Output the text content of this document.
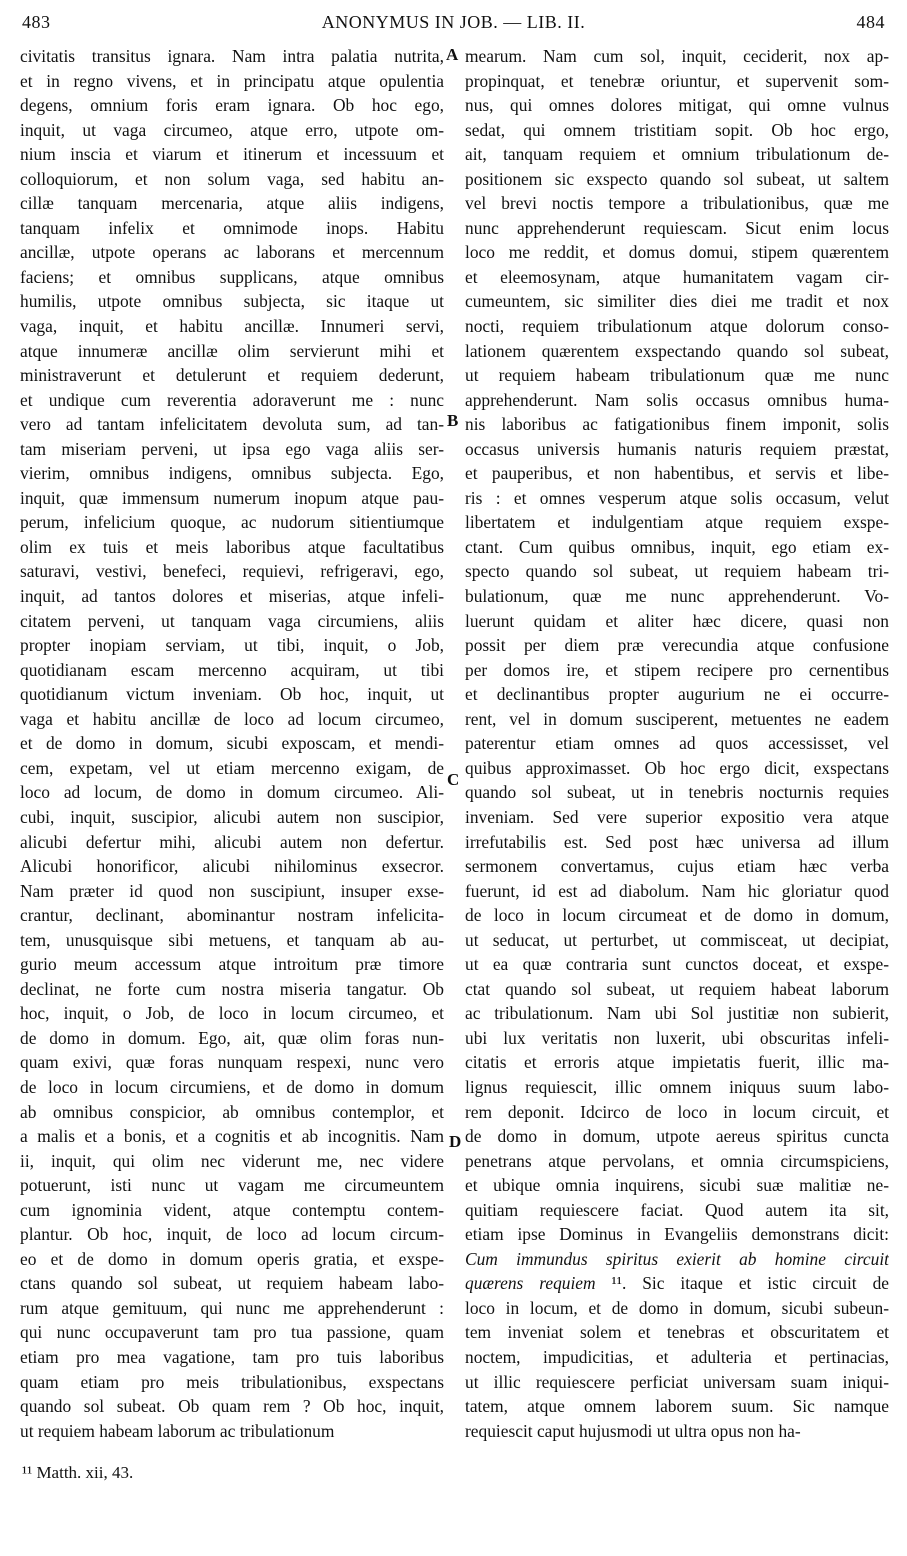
483	ANONYMUS IN JOB. — LIB. II.	484
civitatis transitus ignara. Nam intra palatia nutrita,
et in regno vivens, et in principatu atque opulentia
degens, omnium foris eram ignara. Ob hoc ego,
inquit, ut vaga circumeo, atque erro, utpote om-
nium inscia et viarum et itinerum et incessuum et
colloquiorum, et non solum vaga, sed habitu an-
cillæ tanquam mercenaria, atque aliis indigens,
tanquam infelix et omnimode inops. Habitu
ancillæ, utpote operans ac laborans et mercennum
faciens; et omnibus supplicans, atque omnibus
humilis, utpote omnibus subjecta, sic itaque ut
vaga, inquit, et habitu ancillæ. Innumeri servi,
atque innumeræ ancillæ olim servierunt mihi et
ministraverunt et detulerunt et requiem dederunt,
et undique cum reverentia adoraverunt me : nunc
vero ad tantam infelicitatem devoluta sum, ad tan-
tam miseriam perveni, ut ipsa ego vaga aliis ser-
vierim, omnibus indigens, omnibus subjecta. Ego,
inquit, quæ immensum numerum inopum atque pau-
perum, infelicium quoque, ac nudorum sitientiumque
olim ex tuis et meis laboribus atque facultatibus
saturavi, vestivi, benefeci, requievi, refrigeravi, ego,
inquit, ad tantos dolores et miserias, atque infeli-
citatem perveni, ut tanquam vaga circumiens, aliis
propter inopiam serviam, ut tibi, inquit, o Job,
quotidianam escam mercenno acquiram, ut tibi
quotidianum victum inveniam. Ob hoc, inquit, ut
vaga et habitu ancillæ de loco ad locum circumeo,
et de domo in domum, sicubi exposcam, et mendi-
cem, expetam, vel ut etiam mercenno exigam, de
loco ad locum, de domo in domum circumeo. Ali-
cubi, inquit, suscipior, alicubi autem non suscipior,
alicubi defertur mihi, alicubi autem non defertur.
Alicubi honorificor, alicubi nihilominus exsecror.
Nam præter id quod non suscipiunt, insuper exse-
crantur, declinant, abominantur nostram infelicita-
tem, unusquisque sibi metuens, et tanquam ab au-
gurio meum accessum atque introitum præ timore
declinat, ne forte cum nostra miseria tangatur. Ob
hoc, inquit, o Job, de loco in locum circumeo, et
de domo in domum. Ego, ait, quæ olim foras nun-
quam exivi, quæ foras nunquam respexi, nunc vero
de loco in locum circumiens, et de domo in domum
ab omnibus conspicior, ab omnibus contemplor, et
a malis et a bonis, et a cognitis et ab incognitis. Nam
ii, inquit, qui olim nec viderunt me, nec videre
potuerunt, isti nunc ut vagam me circumeuntem
cum ignominia vident, atque contemptu contem-
plantur. Ob hoc, inquit, de loco ad locum circum-
eo et de domo in domum operis gratia, et exspe-
ctans quando sol subeat, ut requiem habeam labo-
rum atque gemituum, qui nunc me apprehenderunt :
qui nunc occupaverunt tam pro tua passione, quam
etiam pro mea vagatione, tam pro tuis laboribus
quam etiam pro meis tribulationibus, exspectans
quando sol subeat. Ob quam rem ? Ob hoc, inquit,
ut requiem habeam laborum ac tribulationum
mearum. Nam cum sol, inquit, ceciderit, nox ap-
propinquat, et tenebræ oriuntur, et supervenit som-
nus, qui omnes dolores mitigat, qui omne vulnus
sedat, qui omnem tristitiam sopit. Ob hoc ergo,
ait, tanquam requiem et omnium tribulationum de-
positionem sic exspecto quando sol subeat, ut saltem
vel brevi noctis tempore a tribulationibus, quæ me
nunc apprehenderunt requiescam. Sicut enim locus
loco me reddit, et domus domui, stipem quærentem
et eleemosynam, atque humanitatem vagam cir-
cumeuntem, sic similiter dies diei me tradit et nox
nocti, requiem tribulationum atque dolorum conso-
lationem quærentem exspectando quando sol subeat,
ut requiem habeam tribulationum quæ me nunc
apprehenderunt. Nam solis occasus omnibus huma-
nis laboribus ac fatigationibus finem imponit, solis
occasus universis humanis naturis requiem præstat,
et pauperibus, et non habentibus, et servis et libe-
ris : et omnes vesperum atque solis occasum, velut
libertatem et indulgentiam atque requiem exspe-
ctant. Cum quibus omnibus, inquit, ego etiam ex-
specto quando sol subeat, ut requiem habeam tri-
bulationum, quæ me nunc apprehenderunt. Vo-
luerunt quidam et aliter hæc dicere, quasi non
possit per diem præ verecundia atque confusione
per domos ire, et stipem recipere pro cernentibus
et declinantibus propter augurium ne ei occurre-
rent, vel in domum susciperent, metuentes ne eadem
paterentur etiam omnes ad quos accessisset, vel
quibus approximasset. Ob hoc ergo dicit, exspectans
quando sol subeat, ut in tenebris nocturnis requies
inveniam. Sed vere superior expositio vera atque
irrefutabilis est. Sed post hæc universa ad illum
sermonem convertamus, cujus etiam hæc verba
fuerunt, id est ad diabolum. Nam hic gloriatur quod
de loco in locum circumeat et de domo in domum,
ut seducat, ut perturbet, ut commisceat, ut decipiat,
ut ea quæ contraria sunt cunctos doceat, et exspe-
ctat quando sol subeat, ut requiem habeat laborum
ac tribulationum. Nam ubi Sol justitiæ non subierit,
ubi lux veritatis non luxerit, ubi obscuritas infeli-
citatis et erroris atque impietatis fuerit, illic ma-
lignus requiescit, illic omnem iniquus suum labo-
rem deponit. Idcirco de loco in locum circuit, et
de domo in domum, utpote aereus spiritus cuncta
penetrans atque pervolans, et omnia circumspiciens,
et ubique omnia inquirens, sicubi suæ malitiæ ne-
quitiam requiescere faciat. Quod autem ita sit,
etiam ipse Dominus in Evangeliis demonstrans dicit:
Cum immundus spiritus exierit ab homine circuit
quærens requiem ¹¹. Sic itaque et istic circuit de
loco in locum, et de domo in domum, sicubi subeun-
tem inveniat solem et tenebras et obscuritatem et
noctem, impudicitias, et adulteria et pertinacias,
ut illic requiescere perficiat universam suam iniqui-
tatem, atque omnem laborem suum. Sic namque
requiescit caput hujusmodi ut ultra opus non ha-
A
B
C
D
¹¹ Matth. xii, 43.
